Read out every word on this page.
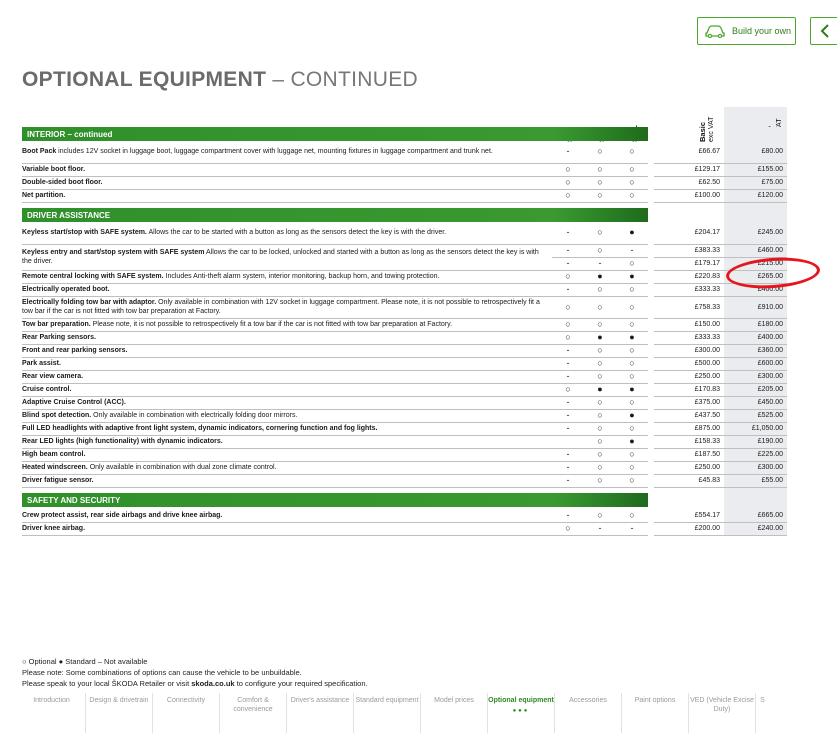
Build your own
OPTIONAL EQUIPMENT – CONTINUED
Basic
exc VAT

INTERIOR – continued						
Boot Pack includes 12V socket in luggage boot, luggage compartment cover with luggage net, mounting fixtures in luggage compartment and trunk net.	-	○	○		£66.67	£80.00
Variable boot floor.	○	○	○		£129.17	£155.00
Double-sided boot floor.	○	○	○		£62.50	£75.00
Net partition.	○	○	○		£100.00	£120.00

DRIVER ASSISTANCE						
Keyless start/stop with SAFE system. Allows the car to be started with a button as long as the sensors detect the key is with the driver.	-	○	●		£204.17	£245.00
Keyless entry and start/stop system with SAFE system Allows the car to be locked, unlocked and started with a button as long as the sensors detect the key is with the driver.	-	○	-		£383.33	£460.00
	-	-	○		£179.17	£215.00
Remote central locking with SAFE system. Includes Anti-theft alarm system, interior monitoring, backup horn, and towing protection.	○	●	●		£220.83	£265.00
Electrically operated boot.	-	○	○		£333.33	£400.00
Electrically folding tow bar with adaptor. Only available in combination with 12V socket in luggage compartment. Please note, it is not possible to retrospectively fit a tow bar if the car is not fitted with tow bar preparation at Factory.	○	○	○		£758.33	£910.00
Tow bar preparation. Please note, it is not possible to retrospectively fit a tow bar if the car is not fitted with tow bar preparation at Factory.	○	○	○		£150.00	£180.00
Rear Parking sensors.	○	●	●		£333.33	£400.00
Front and rear parking sensors.	-	○	○		£300.00	£360.00
Park assist.	-	○	○		£500.00	£600.00
Rear view camera.	-	○	○		£250.00	£300.00
Cruise control.	○	●	●		£170.83	£205.00
Adaptive Cruise Control (ACC).	-	○	○		£375.00	£450.00
Blind spot detection. Only available in combination with electrically folding door mirrors.	-	○	●		£437.50	£525.00
Full LED headlights with adaptive front light system, dynamic indicators, cornering function and fog lights.	-	○	○		£875.00	£1,050.00
Rear LED lights (high functionality) with dynamic indicators.		○	●		£158.33	£190.00
High beam control.	-	○	○		£187.50	£225.00
Heated windscreen. Only available in combination with dual zone climate control.	-	○	○		£250.00	£300.00
Driver fatigue sensor.	-	○	○		£45.83	£55.00

SAFETY AND SECURITY						

Crew protect assist, rear side airbags and drive knee airbag.	-	○	○		£554.17	£665.00
Driver knee airbag.	○	-	-		£200.00	£240.00
○ Optional ● Standard – Not available
Please note: Some combinations of options can cause the vehicle to be unbuildable.
Please speak to your local ŠKODA Retailer or visit skoda.co.uk to configure your required specification.
Introduction	Design & drivetrain	Connectivity	Comfort & convenience
Driver's assistance Standard equipment	Model prices	Optional equipment
●●●
Accessories	Paint options	VED (Vehicle Excise Duty)
S
